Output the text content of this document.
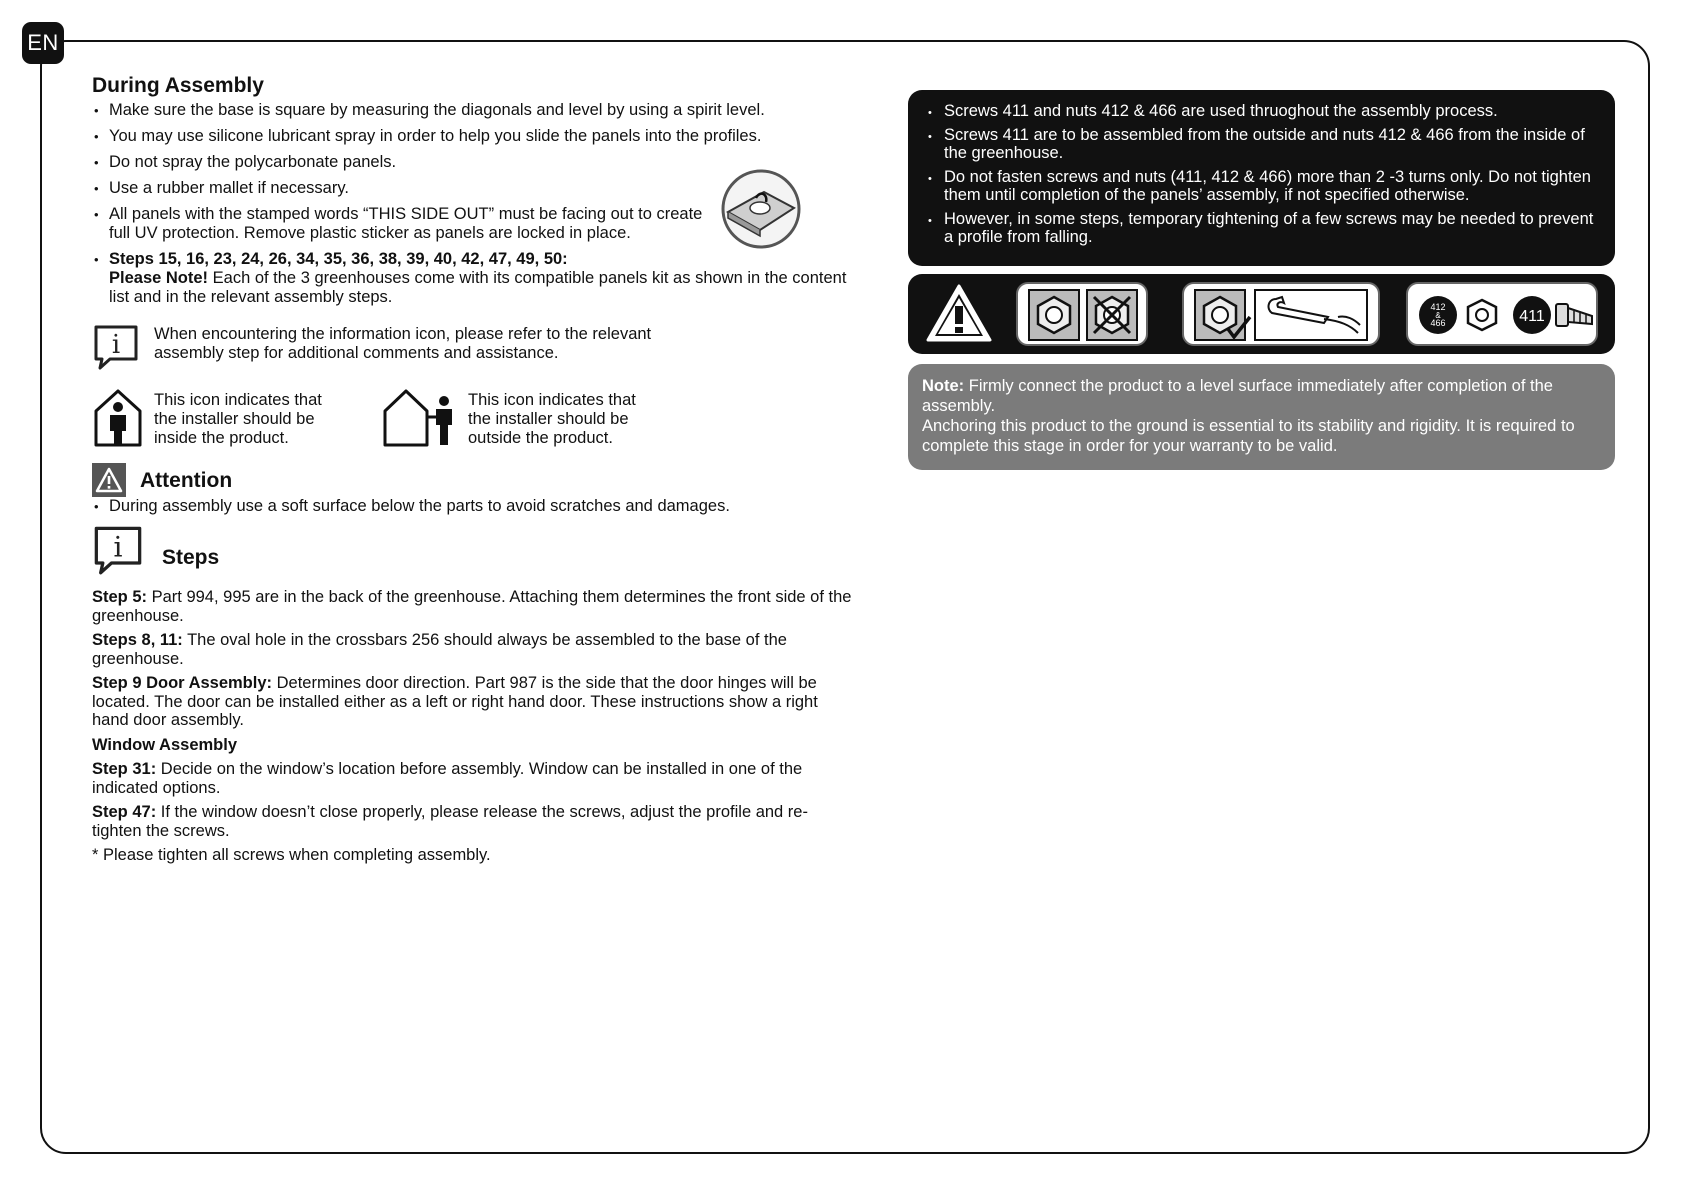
EN
During Assembly
• Make sure the base is square by measuring the diagonals and level by using a spirit level.
• You may use silicone lubricant spray in order to help you slide the panels into the profiles.
• Do not spray the polycarbonate panels.
• Use a rubber mallet if necessary.
• All panels with the stamped words “THIS SIDE OUT” must be facing out to create full UV protection. Remove plastic sticker as panels are locked in place.
• Steps 15, 16, 23, 24, 26, 34, 35, 36, 38, 39, 40, 42, 47, 49, 50:
Please Note! Each of the 3 greenhouses come with its compatible panels kit as shown in the content list and in the relevant assembly steps.
i When encountering the information icon, please refer to the relevant assembly step for additional comments and assistance.
This icon indicates that the installer should be inside the product.
This icon indicates that the installer should be outside the product.
Attention
• During assembly use a soft surface below the parts to avoid scratches and damages.
i Steps

Step 5: Part 994, 995 are in the back of the greenhouse. Attaching them determines the front side of the greenhouse.

Steps 8, 11: The oval hole in the crossbars 256 should always be assembled to the base of the greenhouse.

Step 9 Door Assembly: Determines door direction. Part 987 is the side that the door hinges will be located. The door can be installed either as a left or right hand door. These instructions show a right hand door assembly.

Window Assembly

Step 31: Decide on the window’s location before assembly. Window can be installed in one of the indicated options.

Step 47: If the window doesn’t close properly, please release the screws, adjust the profile and re-tighten the screws.

* Please tighten all screws when completing assembly.

• Screws 411 and nuts 412 & 466 are used thruoghout the assembly process.
• Screws 411 are to be assembled from the outside and nuts 412 & 466 from the inside of the greenhouse.
• Do not fasten screws and nuts (411, 412 & 466) more than 2 -3 turns only. Do not tighten them until completion of the panels’ assembly, if not specified otherwise.
• However, in some steps, temporary tightening of a few screws may be needed to prevent a profile from falling.
412
&
466	411

Note: Firmly connect the product to a level surface immediately after completion of the assembly.

Anchoring this product to the ground is essential to its stability and rigidity. It is required to complete this stage in order for your warranty to be valid.
